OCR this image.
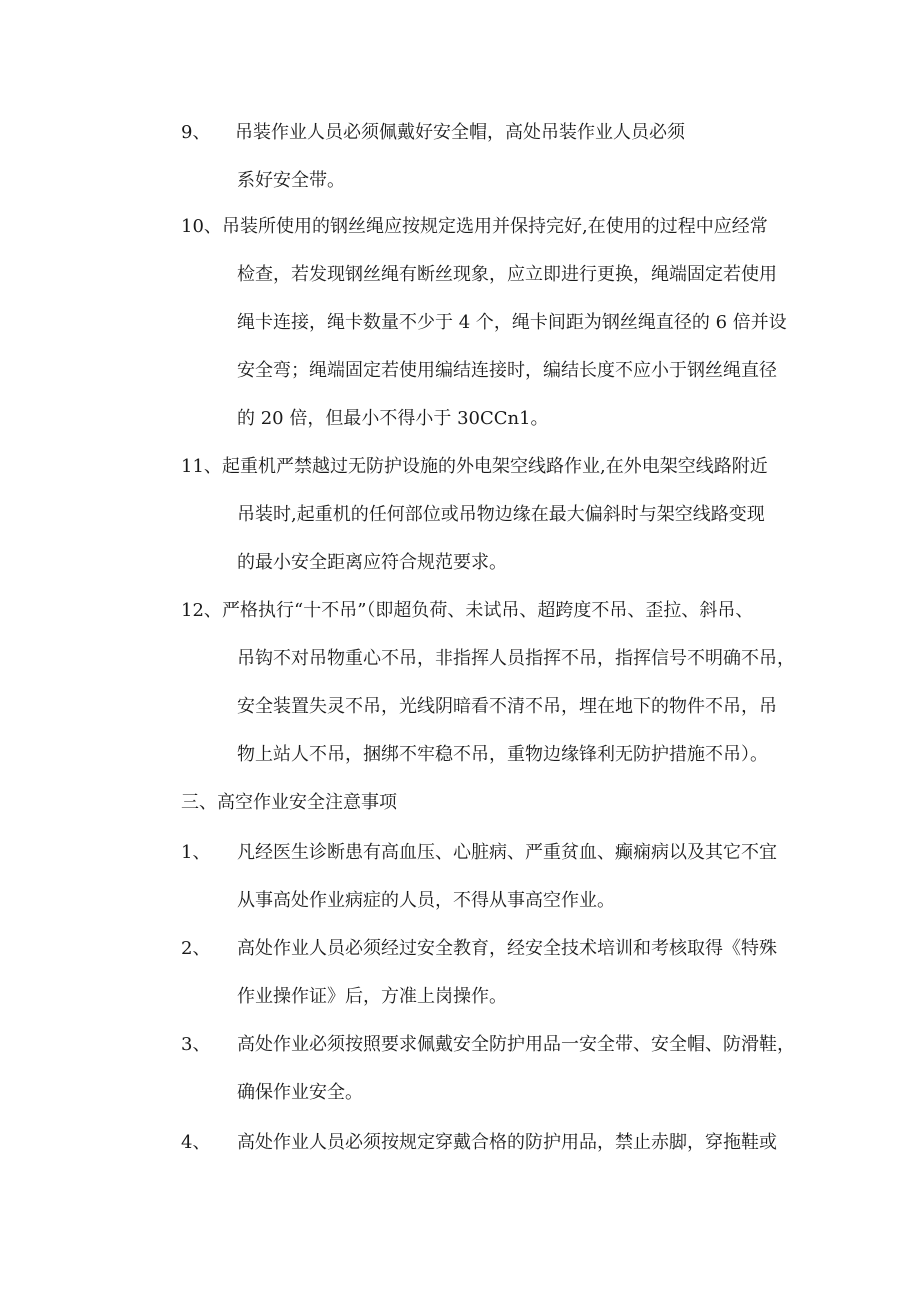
9、 吊装作业人员必须佩戴好安全帽，高处吊装作业人员必须
系好安全带。
10、 吊装所使用的钢丝绳应按规定选用并保持完好,在使用的过程中应经常
检查，若发现钢丝绳有断丝现象，应立即进行更换，绳端固定若使用
绳卡连接，绳卡数量不少于 4 个，绳卡间距为钢丝绳直径的 6 倍并设
安全弯；绳端固定若使用编结连接时，编结长度不应小于钢丝绳直径
的 20 倍，但最小不得小于 30CCn1。
11、 起重机严禁越过无防护设施的外电架空线路作业,在外电架空线路附近
吊装时,起重机的任何部位或吊物边缘在最大偏斜时与架空线路变现
的最小安全距离应符合规范要求。
12、 严格执行“十不吊”（即超负荷、未试吊、超跨度不吊、歪拉、斜吊、
吊钩不对吊物重心不吊，非指挥人员指挥不吊，指挥信号不明确不吊，
安全装置失灵不吊，光线阴暗看不清不吊，埋在地下的物件不吊，吊
物上站人不吊，捆绑不牢稳不吊，重物边缘锋利无防护措施不吊）。
三、高空作业安全注意事项
1、 凡经医生诊断患有高血压、心脏病、严重贫血、癫痫病以及其它不宜
从事高处作业病症的人员，不得从事高空作业。
2、 高处作业人员必须经过安全教育，经安全技术培训和考核取得《特殊
作业操作证》后，方准上岗操作。
3、 高处作业必须按照要求佩戴安全防护用品一安全带、安全帽、防滑鞋，
确保作业安全。
4、 高处作业人员必须按规定穿戴合格的防护用品，禁止赤脚，穿拖鞋或
